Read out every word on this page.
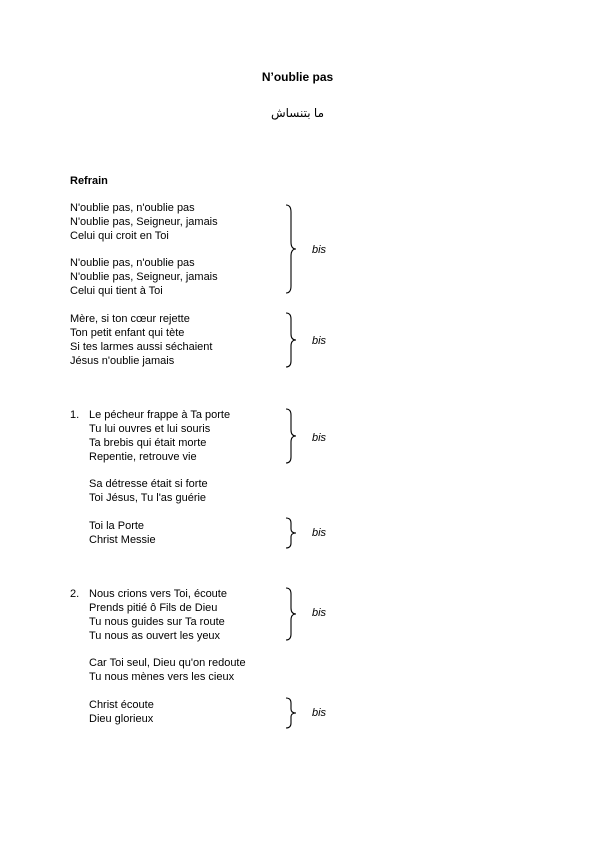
N’oublie pas
ما بتنساش
Refrain
N'oublie pas, n'oublie pas
N'oublie pas, Seigneur, jamais
Celui qui croit en Toi
N'oublie pas, n'oublie pas
N'oublie pas, Seigneur, jamais
Celui qui tient à Toi
Mère, si ton cœur rejette
Ton petit enfant qui tète
Si tes larmes aussi séchaient
Jésus n'oublie jamais
1. Le pécheur frappe à Ta porte
Tu lui ouvres et lui souris
Ta brebis qui était morte
Repentie, retrouve vie
Sa détresse était si forte
Toi Jésus, Tu l'as guérie
Toi la Porte
Christ Messie
2. Nous crions vers Toi, écoute
Prends pitié ô Fils de Dieu
Tu nous guides sur Ta route
Tu nous as ouvert les yeux
Car Toi seul, Dieu qu'on redoute
Tu nous mènes vers les cieux
Christ écoute
Dieu glorieux
bis
bis
bis
bis
bis
bis
